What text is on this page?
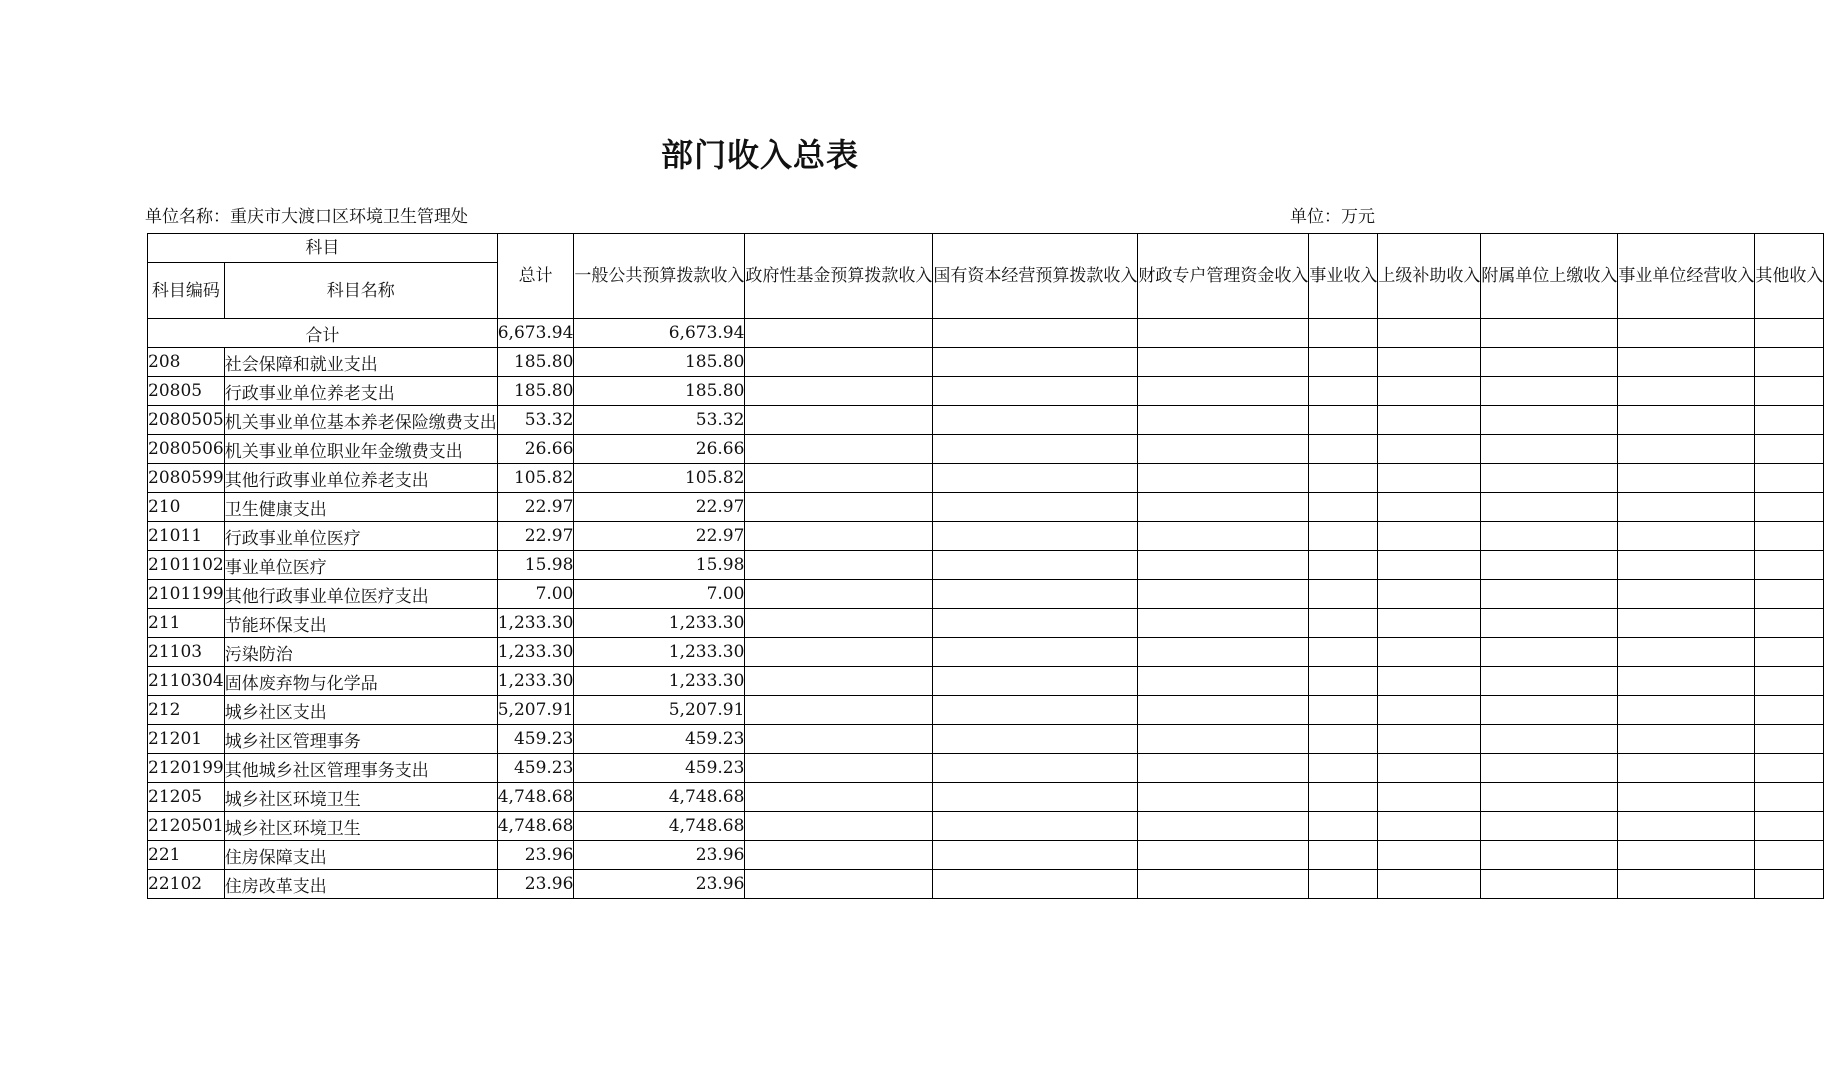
部门收入总表
单位名称：重庆市大渡口区环境卫生管理处	单位：万元
科目		总计	一般公共预算拨款收入	政府性基金预算拨款收入	国有资本经营预算拨款收入	财政专户管理资金收入	事业收入	上级补助收入	附属单位上缴收入	事业单位经营收入	其他收入
科目编码	科目名称										
合计		6,673.94	6,673.94								
208	社会保障和就业支出	185.80	185.80								
20805	行政事业单位养老支出	185.80	185.80								
2080505	机关事业单位基本养老保险缴费支出	53.32	53.32								
2080506	机关事业单位职业年金缴费支出	26.66	26.66								
2080599	其他行政事业单位养老支出	105.82	105.82								
210	卫生健康支出	22.97	22.97								
21011	行政事业单位医疗	22.97	22.97								
2101102	事业单位医疗	15.98	15.98								
2101199	其他行政事业单位医疗支出	7.00	7.00								
211	节能环保支出	1,233.30	1,233.30								
21103	污染防治	1,233.30	1,233.30								
2110304	固体废弃物与化学品	1,233.30	1,233.30								
212	城乡社区支出	5,207.91	5,207.91								
21201	城乡社区管理事务	459.23	459.23								
2120199	其他城乡社区管理事务支出	459.23	459.23								
21205	城乡社区环境卫生	4,748.68	4,748.68								
2120501	城乡社区环境卫生	4,748.68	4,748.68								
221	住房保障支出	23.96	23.96								
22102	住房改革支出	23.96	23.96								
